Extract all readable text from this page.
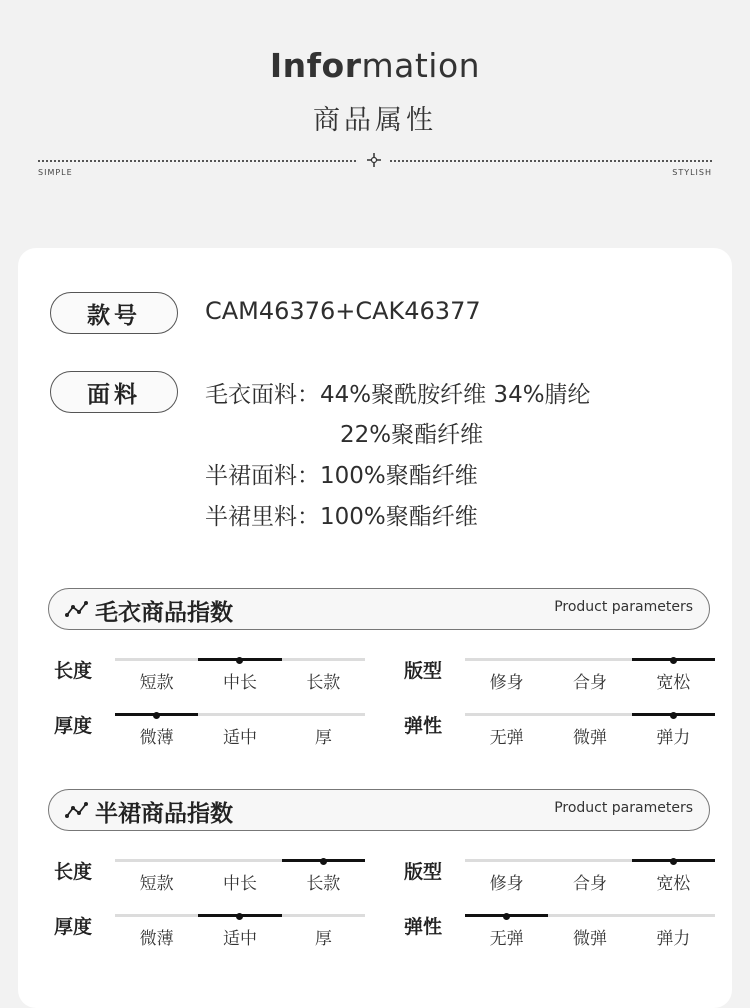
Information
商品属性
SIMPLE	STYLISH
款号	CAM46376+CAK46377
面料	毛衣面料：44%聚酰胺纤维 34%腈纶
22%聚酯纤维
半裙面料：100%聚酯纤维
半裙里料：100%聚酯纤维
毛衣商品指数	Product parameters
长度
短款	中长	长款
版型
修身	合身	宽松
厚度
微薄	适中	厚
弹性
无弹	微弹	弹力
半裙商品指数	Product parameters
长度
短款	中长	长款
版型
修身	合身	宽松
厚度
微薄	适中	厚
弹性
无弹	微弹	弹力
